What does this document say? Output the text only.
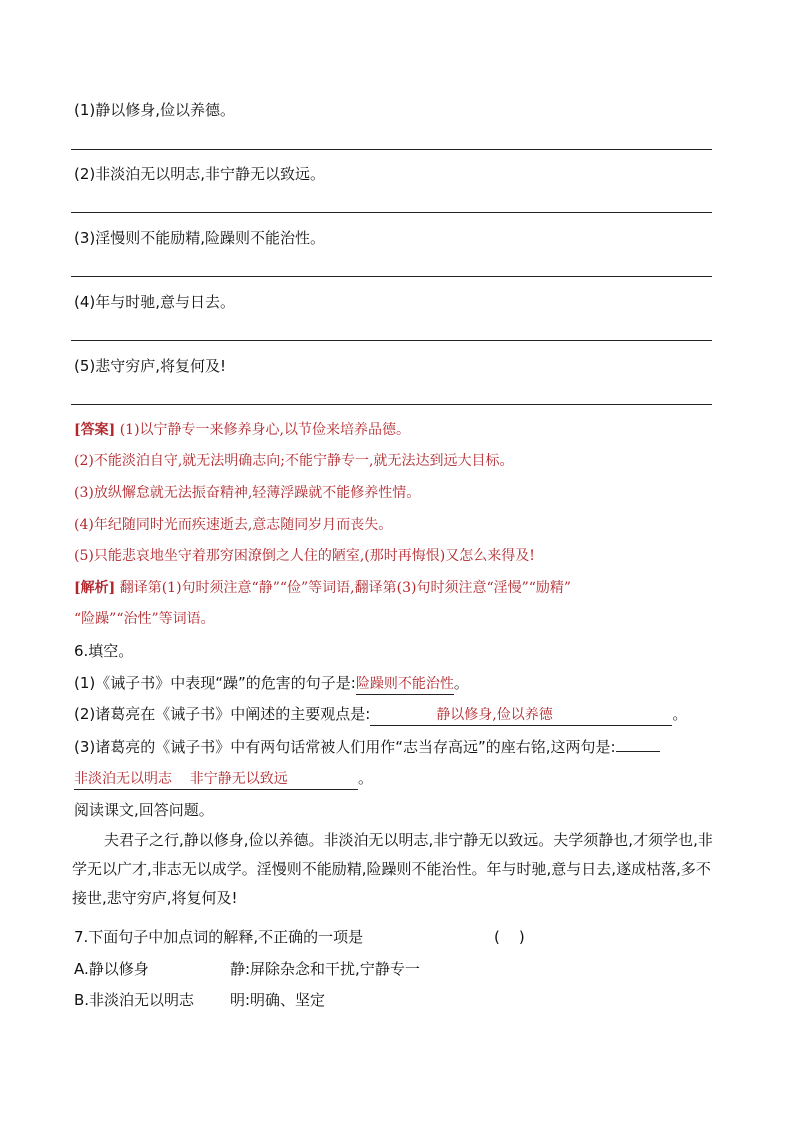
(1)静以修身,俭以养德。
(2)非淡泊无以明志,非宁静无以致远。
(3)淫慢则不能励精,险躁则不能治性。
(4)年与时驰,意与日去。
(5)悲守穷庐,将复何及!
[答案] (1)以宁静专一来修养身心,以节俭来培养品德。
(2)不能淡泊自守,就无法明确志向;不能宁静专一,就无法达到远大目标。
(3)放纵懈怠就无法振奋精神,轻薄浮躁就不能修养性情。
(4)年纪随同时光而疾速逝去,意志随同岁月而丧失。
(5)只能悲哀地坐守着那穷困潦倒之人住的陋室,(那时再悔恨)又怎么来得及!
[解析] 翻译第(1)句时须注意“静”“俭”等词语,翻译第(3)句时须注意“淫慢”“励精”
“险躁”“治性”等词语。
6.填空。
(1)《诫子书》中表现“躁”的危害的句子是:险躁则不能治性。
(2)诸葛亮在《诫子书》中阐述的主要观点是:	静以修身,俭以养德	。
(3)诸葛亮的《诫子书》中有两句话常被人们用作“志当存高远”的座右铭,这两句是:
非淡泊无以明志    非宁静无以致远	。
阅读课文,回答问题。
夫君子之行,静以修身,俭以养德。非淡泊无以明志,非宁静无以致远。夫学须静也,才须学也,非学无以广才,非志无以成学。淫慢则不能励精,险躁则不能治性。年与时驰,意与日去,遂成枯落,多不接世,悲守穷庐,将复何及!
7.下面句子中加点词的解释,不正确的一项是	(    )
A.静以修身	静:屏除杂念和干扰,宁静专一
B.非淡泊无以明志 明:明确、坚定
